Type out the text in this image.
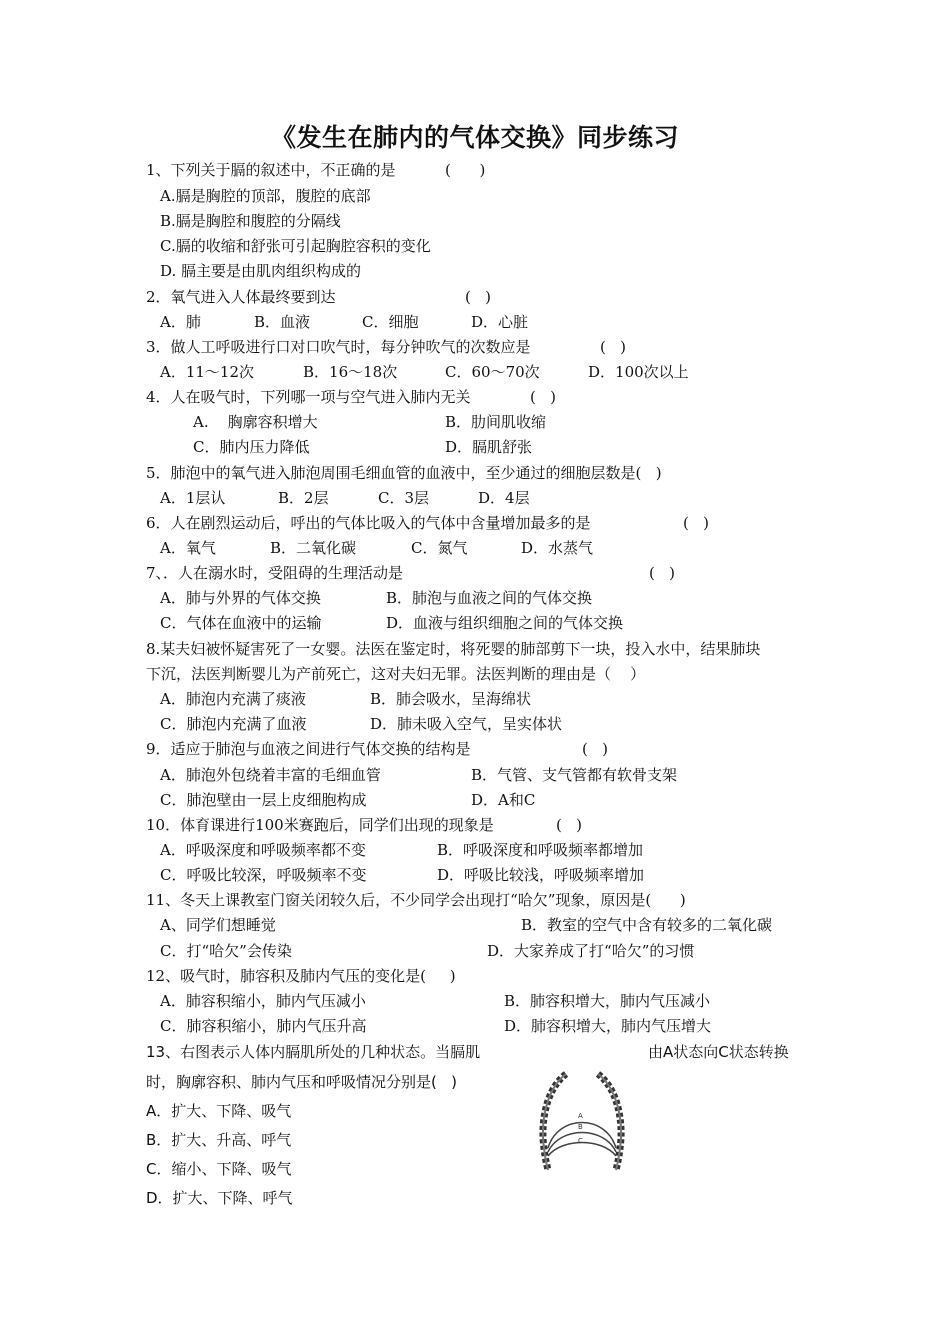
《发生在肺内的气体交换》同步练习
1、下列关于膈的叙述中，不正确的是	(      )
A.膈是胸腔的顶部，腹腔的底部
B.膈是胸腔和腹腔的分隔线
C.膈的收缩和舒张可引起胸腔容积的变化
D. 膈主要是由肌肉组织构成的
2．氧气进入人体最终要到达	(   )
A．肺	B．血液	C．细胞	D．心脏
3．做人工呼吸进行口对口吹气时，每分钟吹气的次数应是	(   )
A．11～12次	B．16～18次	C．60～70次	D．100次以上
4．人在吸气时，下列哪一项与空气进入肺内无关	(   )
A.    胸廓容积增大	B．肋间肌收缩
C．肺内压力降低	D．膈肌舒张
5．肺泡中的氧气进入肺泡周围毛细血管的血液中，至少通过的细胞层数是(   )
A．1层认	B．2层	C．3层	D．4层
6．人在剧烈运动后，呼出的气体比吸入的气体中含量增加最多的是	(   )
A．氧气	B．二氧化碳	C．氮气	D．水蒸气
7、．人在溺水时，受阻碍的生理活动是	(   )
A．肺与外界的气体交换	B．肺泡与血液之间的气体交换
C．气体在血液中的运输	D．血液与组织细胞之间的气体交换
8.某夫妇被怀疑害死了一女婴。法医在鉴定时，将死婴的肺部剪下一块，投入水中，结果肺块
下沉，法医判断婴儿为产前死亡，这对夫妇无罪。法医判断的理由是（    ）
A．肺泡内充满了痰液	B．肺会吸水，呈海绵状
C．肺泡内充满了血液	D．肺未吸入空气，呈实体状
9．适应于肺泡与血液之间进行气体交换的结构是	(   )
A．肺泡外包绕着丰富的毛细血管	B．气管、支气管都有软骨支架
C．肺泡壁由一层上皮细胞构成	D．A和C
10．体育课进行100米赛跑后，同学们出现的现象是	(   )
A．呼吸深度和呼吸频率都不变	B．呼吸深度和呼吸频率都增加
C．呼吸比较深，呼吸频率不变	D．呼吸比较浅，呼吸频率增加
11、冬天上课教室门窗关闭较久后，不少同学会出现打“哈欠”现象，原因是(      )
A、同学们想睡觉	B．教室的空气中含有较多的二氧化碳
C．打“哈欠”会传染	D．大家养成了打“哈欠”的习惯
12、吸气时，肺容积及肺内气压的变化是(     )
A．肺容积缩小，肺内气压减小	B．肺容积增大，肺内气压减小
C．肺容积缩小，肺内气压升高	D．肺容积增大，肺内气压增大
13、右图表示人体内膈肌所处的几种状态。当膈肌	由A状态向C状态转换
时，胸廓容积、肺内气压和呼吸情况分别是(   )
A．扩大、下降、吸气
B．扩大、升高、呼气
C．缩小、下降、吸气
D．扩大、下降、呼气
A
B
C
